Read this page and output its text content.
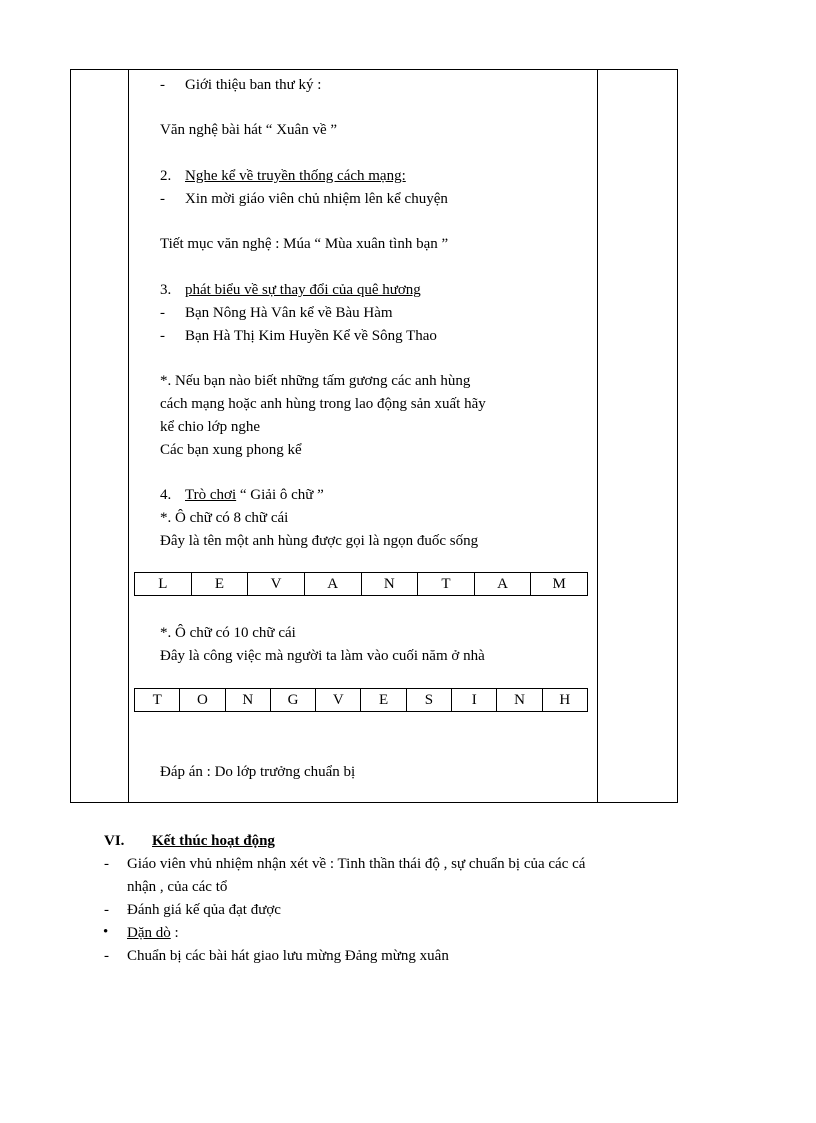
- Giới thiệu ban thư ký :
Văn nghệ bài hát “ Xuân về ”
2. Nghe kể về truyền thống cách mạng:
- Xin mời giáo viên chủ nhiệm lên kể chuyện
Tiết mục văn nghệ : Múa “ Mùa xuân tình bạn ”
3. phát biểu về sự thay đổi của quê hương
- Bạn Nông Hà Vân kể về Bàu Hàm
- Bạn Hà Thị Kim Huyền Kể về Sông Thao
*. Nếu bạn nào biết những tấm gương các anh hùng
cách mạng hoặc anh hùng trong lao động sản xuất hãy
kể chio lớp nghe
Các bạn xung phong kể
4. Trò chơi “ Giải ô chữ ”
*. Ô chữ có 8 chữ cái
Đây là tên một anh hùng được gọi là ngọn đuốc sống
L	E	V	A	N	T	A	M
*. Ô chữ có 10 chữ cái
Đây là công việc mà người ta làm vào cuối năm ở nhà
T	O	N	G	V	E	S	I	N	H
Đáp án : Do lớp trưởng chuẩn bị
VI. Kết thúc hoạt động
- Giáo viên vhủ nhiệm nhận xét về : Tinh thần thái độ , sự chuẩn bị của các cá
nhận , của các tổ
- Đánh giá kế qủa đạt được
• Dặn dò :
- Chuẩn bị các bài hát giao lưu mừng Đảng mừng xuân
